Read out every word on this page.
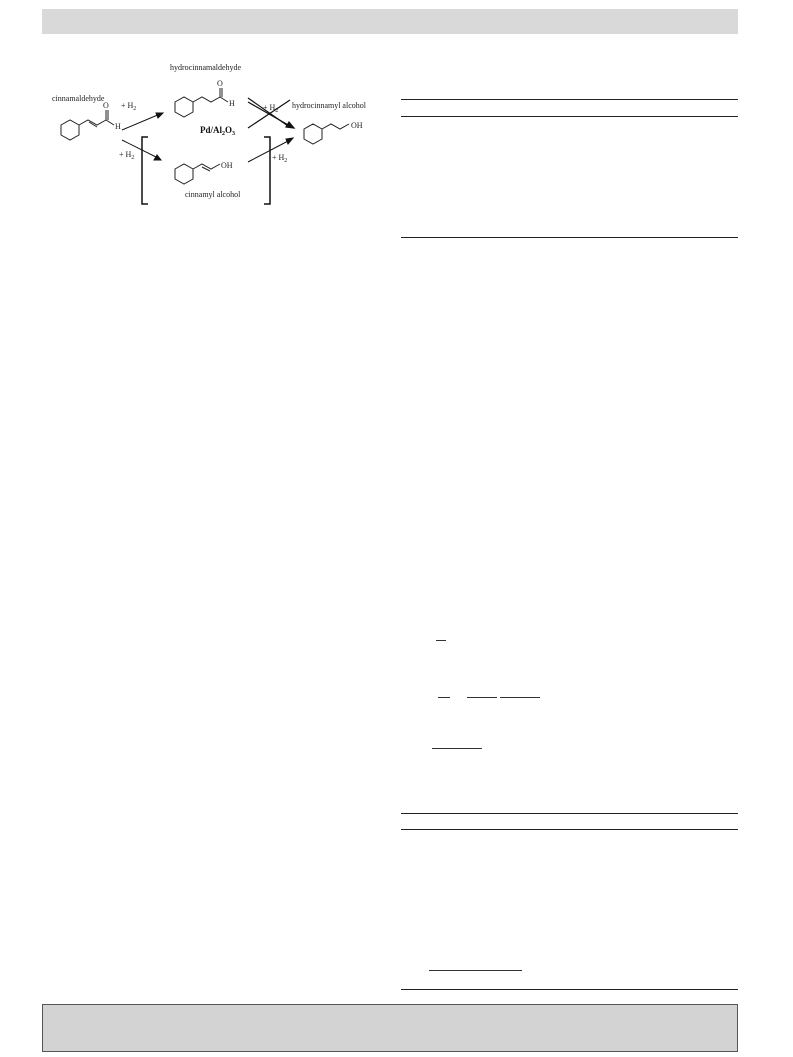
cinnamaldehyde
O
H
+ $H_2$
hydrocinnamaldehyde
O
H
$Pd/Al_2O_3$
+ $H_2$
hydrocinnamyl alcohol
OH
+ $H_2$
OH
cinnamyl alcohol
+ $H_2$
